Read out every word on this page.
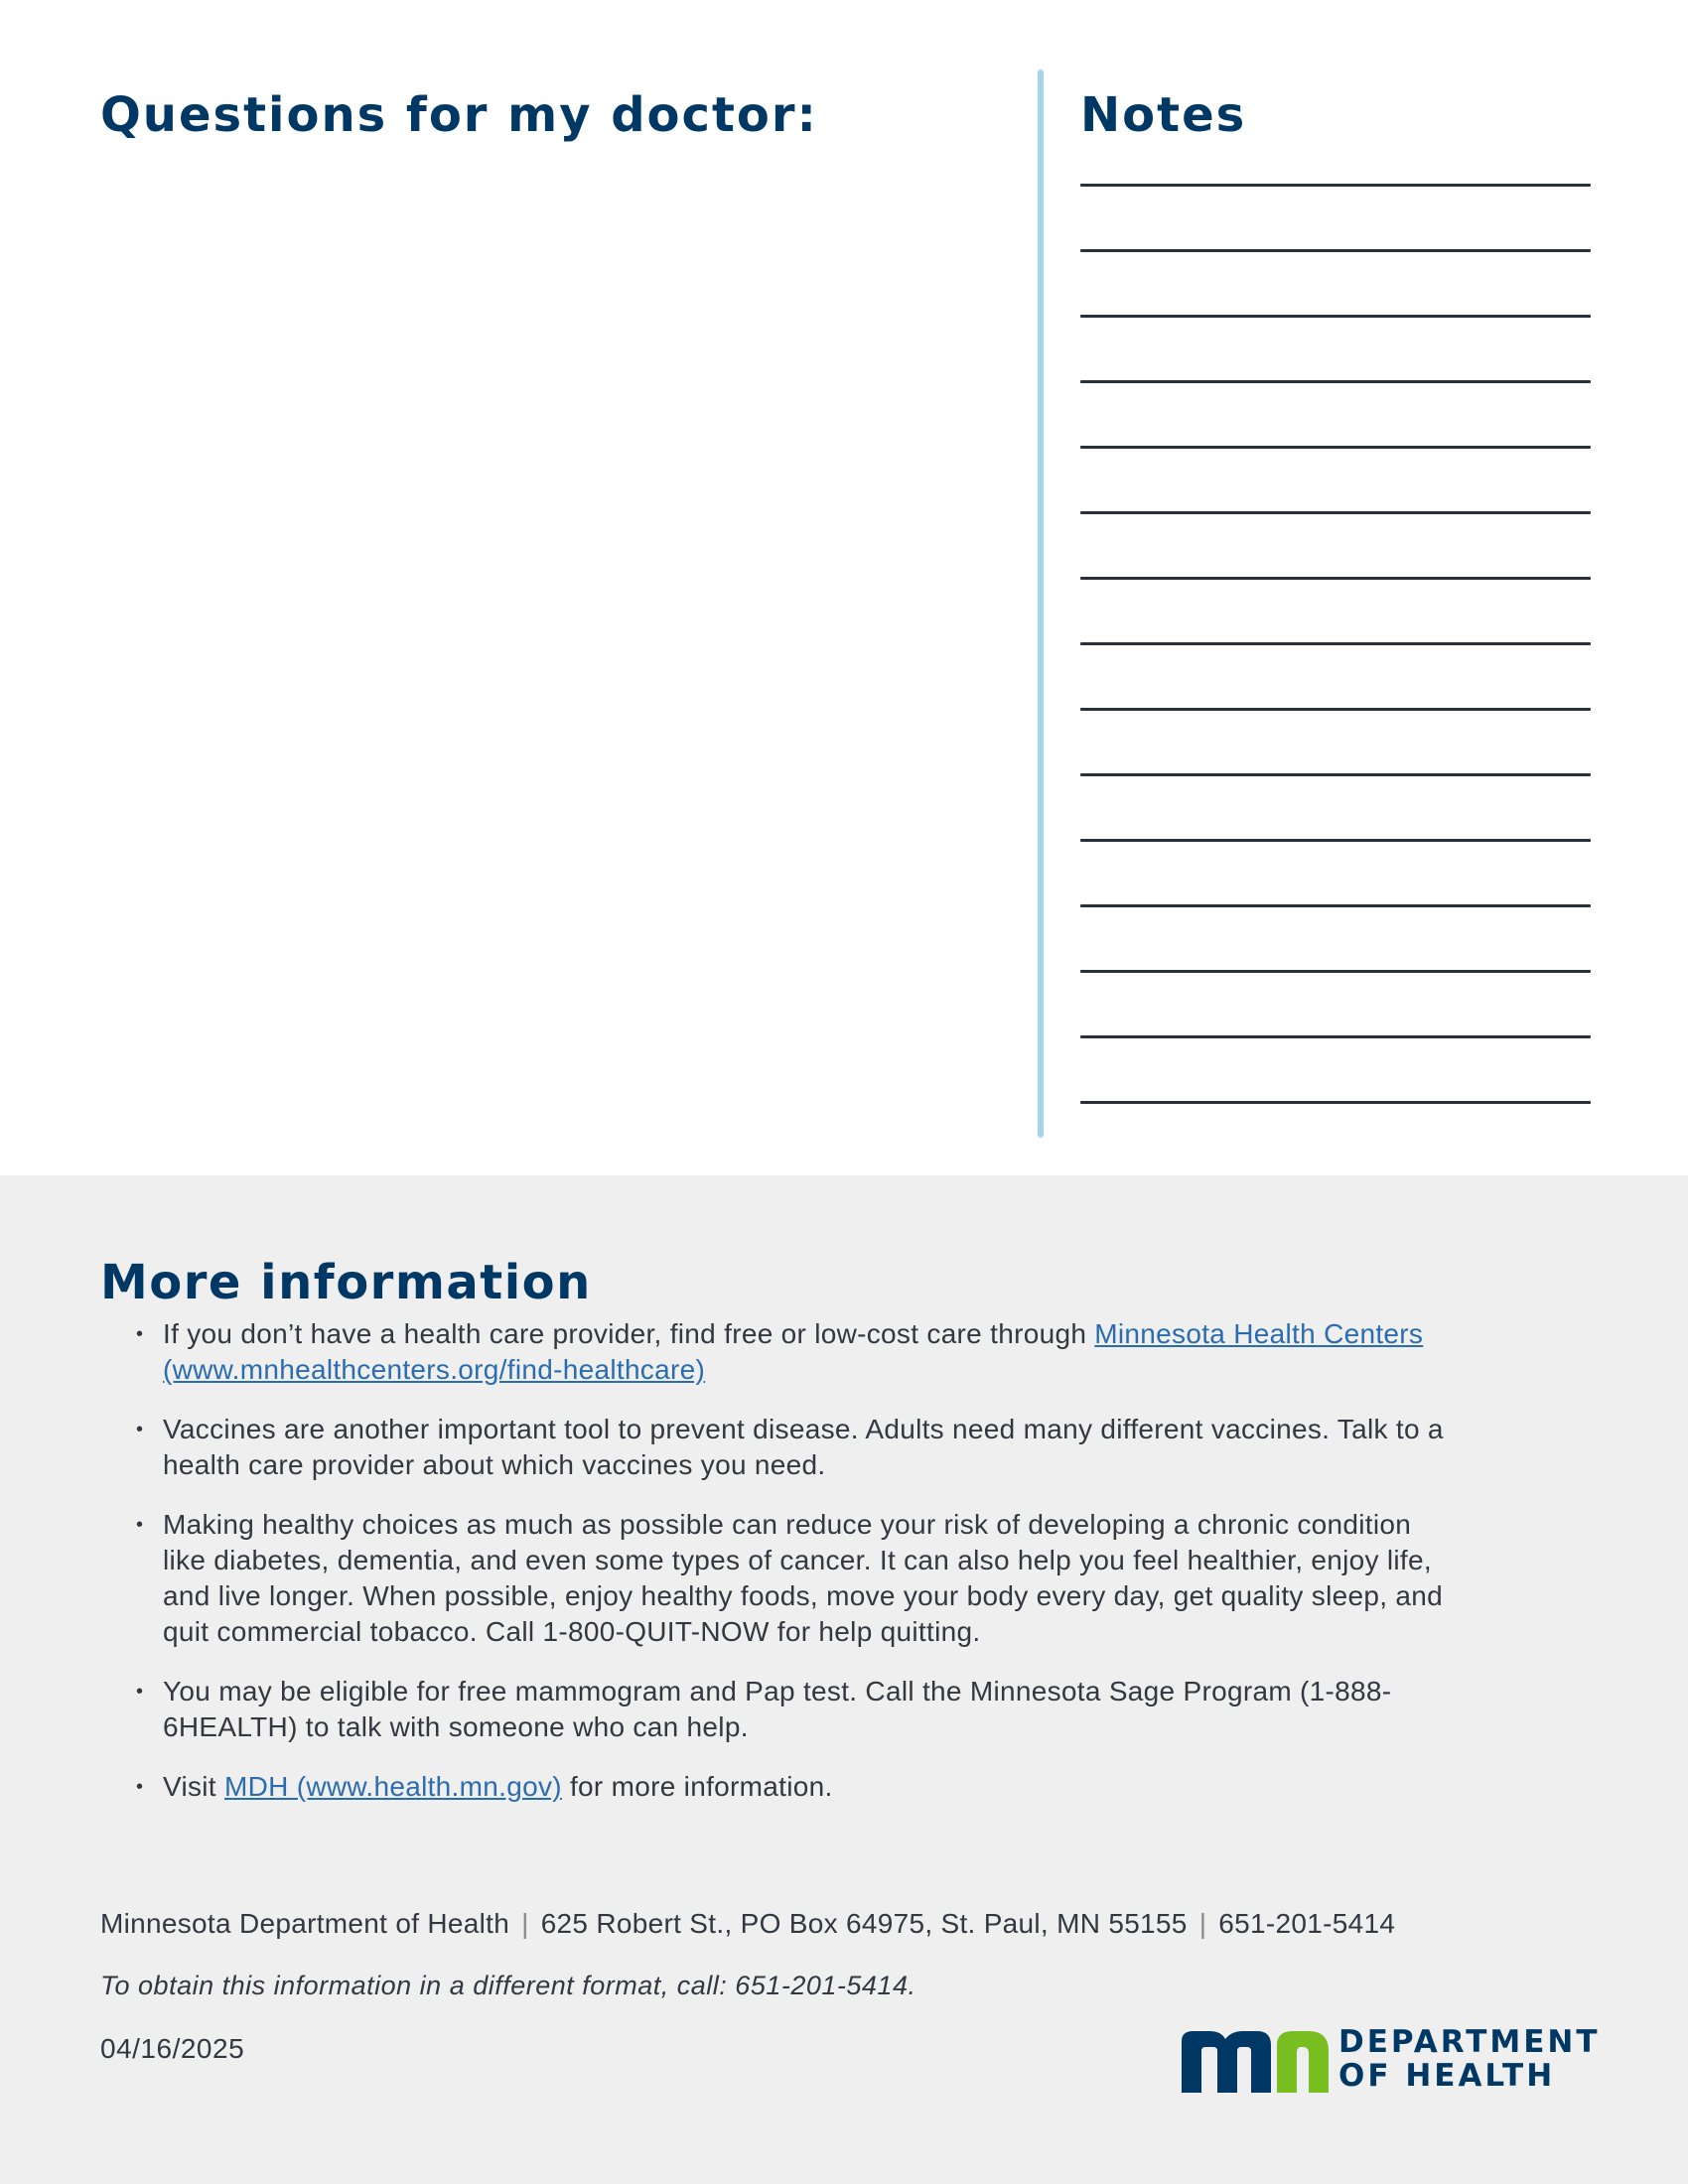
Questions for my doctor:	Notes
More information
• If you don’t have a health care provider, find free or low-cost care through Minnesota Health Centers (www.mnhealthcenters.org/find-healthcare)
• Vaccines are another important tool to prevent disease. Adults need many different vaccines. Talk to a health care provider about which vaccines you need.
• Making healthy choices as much as possible can reduce your risk of developing a chronic condition like diabetes, dementia, and even some types of cancer. It can also help you feel healthier, enjoy life, and live longer. When possible, enjoy healthy foods, move your body every day, get quality sleep, and quit commercial tobacco. Call 1-800-QUIT-NOW for help quitting.
• You may be eligible for free mammogram and Pap test. Call the Minnesota Sage Program (1-888-6HEALTH) to talk with someone who can help.
• Visit MDH (www.health.mn.gov) for more information.
Minnesota Department of Health | 625 Robert St., PO Box 64975, St. Paul, MN 55155 | 651-201-5414
To obtain this information in a different format, call: 651-201-5414.
04/16/2025	DEPARTMENT
OF HEALTH
